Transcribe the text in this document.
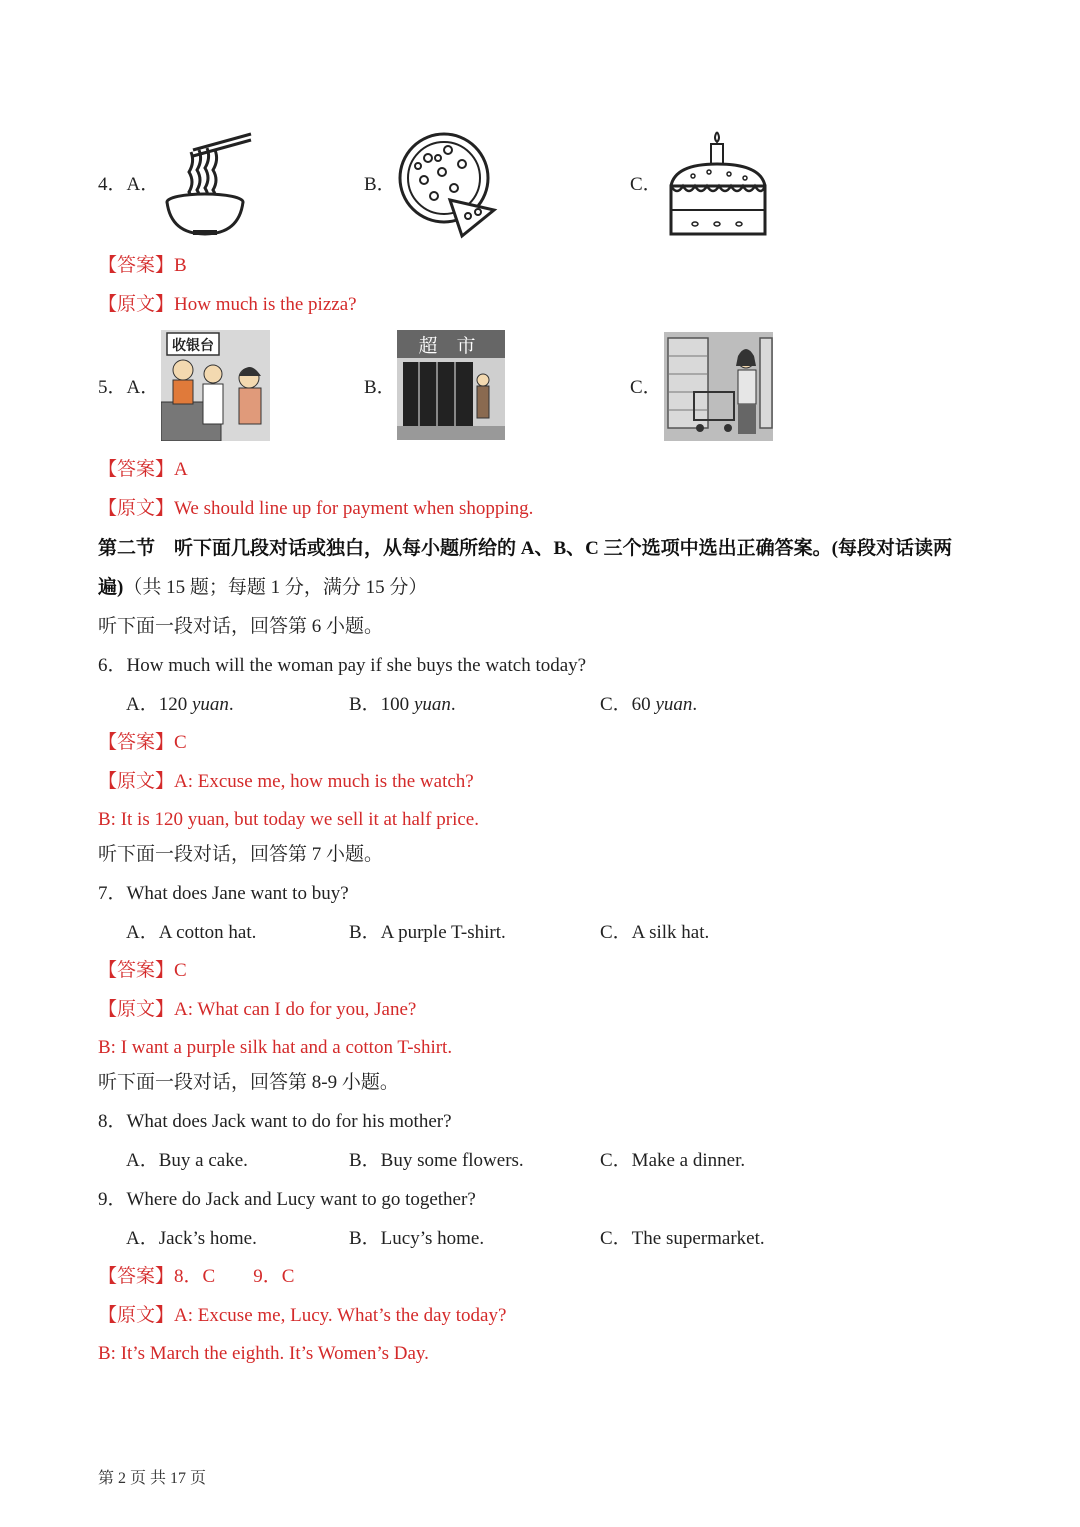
4．A．	B．	C．
【答案】B
【原文】How much is the pizza?
5．A．
收银台
B．
超　市
C．
【答案】A
【原文】We should line up for payment when shopping.
第二节　听下面几段对话或独白，从每小题所给的 A、B、C 三个选项中选出正确答案。(每段对话读两
遍)（共 15 题；每题 1 分，满分 15 分）
听下面一段对话，回答第 6 小题。
6．How much will the woman pay if she buys the watch today?
A．120 yuan.	B．100 yuan.	C．60 yuan.
【答案】C
【原文】A: Excuse me, how much is the watch?
B: It is 120 yuan, but today we sell it at half price.
听下面一段对话，回答第 7 小题。
7．What does Jane want to buy?
A．A cotton hat.	B．A purple T-shirt.	C．A silk hat.
【答案】C
【原文】A: What can I do for you, Jane?
B: I want a purple silk hat and a cotton T-shirt.
听下面一段对话，回答第 8-9 小题。
8．What does Jack want to do for his mother?
A．Buy a cake.	B．Buy some flowers.	C．Make a dinner.
9．Where do Jack and Lucy want to go together?
A．Jack’s home.	B．Lucy’s home.	C．The supermarket.
【答案】8．C　　9．C
【原文】A: Excuse me, Lucy. What’s the day today?
B: It’s March the eighth. It’s Women’s Day.
第 2 页 共 17 页
